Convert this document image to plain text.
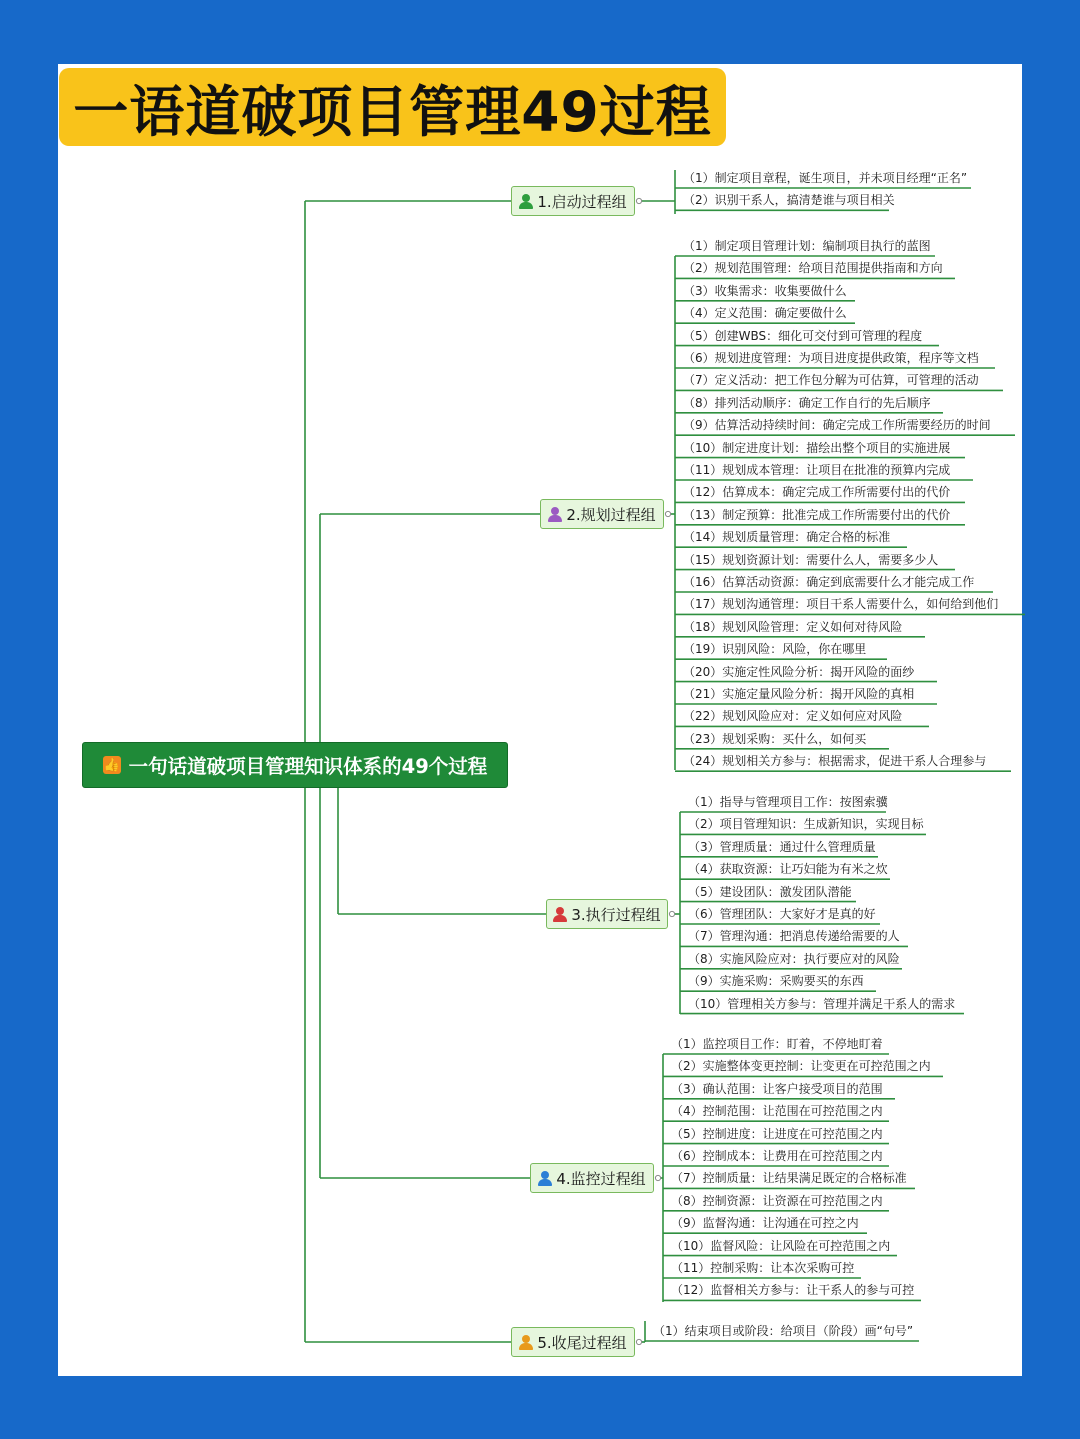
一语道破项目管理49过程
👍 一句话道破项目管理知识体系的49个过程
1.启动过程组
（1）制定项目章程，诞生项目，并未项目经理“正名”
（2）识别干系人，搞清楚谁与项目相关
2.规划过程组
（1）制定项目管理计划：编制项目执行的蓝图
（2）规划范围管理：给项目范围提供指南和方向
（3）收集需求：收集要做什么
（4）定义范围：确定要做什么
（5）创建WBS：细化可交付到可管理的程度
（6）规划进度管理：为项目进度提供政策，程序等文档
（7）定义活动：把工作包分解为可估算，可管理的活动
（8）排列活动顺序：确定工作自行的先后顺序
（9）估算活动持续时间：确定完成工作所需要经历的时间
（10）制定进度计划：描绘出整个项目的实施进展
（11）规划成本管理：让项目在批准的预算内完成
（12）估算成本：确定完成工作所需要付出的代价
（13）制定预算：批准完成工作所需要付出的代价
（14）规划质量管理：确定合格的标准
（15）规划资源计划：需要什么人，需要多少人
（16）估算活动资源：确定到底需要什么才能完成工作
（17）规划沟通管理：项目干系人需要什么，如何给到他们
（18）规划风险管理：定义如何对待风险
（19）识别风险：风险，你在哪里
（20）实施定性风险分析：揭开风险的面纱
（21）实施定量风险分析：揭开风险的真相
（22）规划风险应对：定义如何应对风险
（23）规划采购：买什么，如何买
（24）规划相关方参与：根据需求，促进干系人合理参与
3.执行过程组
（1）指导与管理项目工作：按图索骥
（2）项目管理知识：生成新知识，实现目标
（3）管理质量：通过什么管理质量
（4）获取资源：让巧妇能为有米之炊
（5）建设团队：激发团队潜能
（6）管理团队：大家好才是真的好
（7）管理沟通：把消息传递给需要的人
（8）实施风险应对：执行要应对的风险
（9）实施采购：采购要买的东西
（10）管理相关方参与：管理并满足干系人的需求
4.监控过程组
（1）监控项目工作：盯着，不停地盯着
（2）实施整体变更控制：让变更在可控范围之内
（3）确认范围：让客户接受项目的范围
（4）控制范围：让范围在可控范围之内
（5）控制进度：让进度在可控范围之内
（6）控制成本：让费用在可控范围之内
（7）控制质量：让结果满足既定的合格标准
（8）控制资源：让资源在可控范围之内
（9）监督沟通：让沟通在可控之内
（10）监督风险：让风险在可控范围之内
（11）控制采购：让本次采购可控
（12）监督相关方参与：让干系人的参与可控
5.收尾过程组
（1）结束项目或阶段：给项目（阶段）画“句号”
